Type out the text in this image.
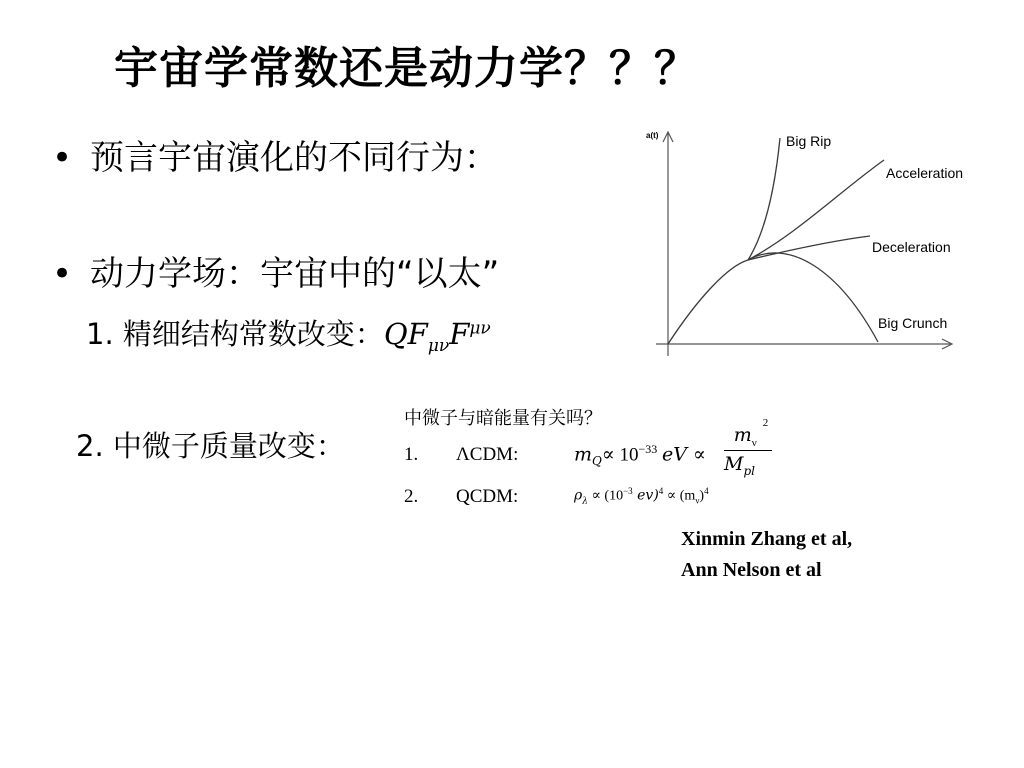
宇宙学常数还是动力学？？？
• 预言宇宙演化的不同行为：
• 动力学场：宇宙中的“以太”
1. 精细结构常数改变：$QF_{\mu\nu}F^{\mu\nu}$
2. 中微子质量改变：
中微子与暗能量有关吗？
1. ΛCDM:	$m_Q\propto 10^{-33}$ eV ∝
$m_\nu^2$
$M_{pl}$
2. QCDM:	$\rho_\lambda \propto (10^{-3}$ $ev)^4 \propto (m_\nu)^4$
Xinmin Zhang et al,
Ann Nelson et al
a(t)	Big Rip
Acceleration
Deceleration
Big Crunch
